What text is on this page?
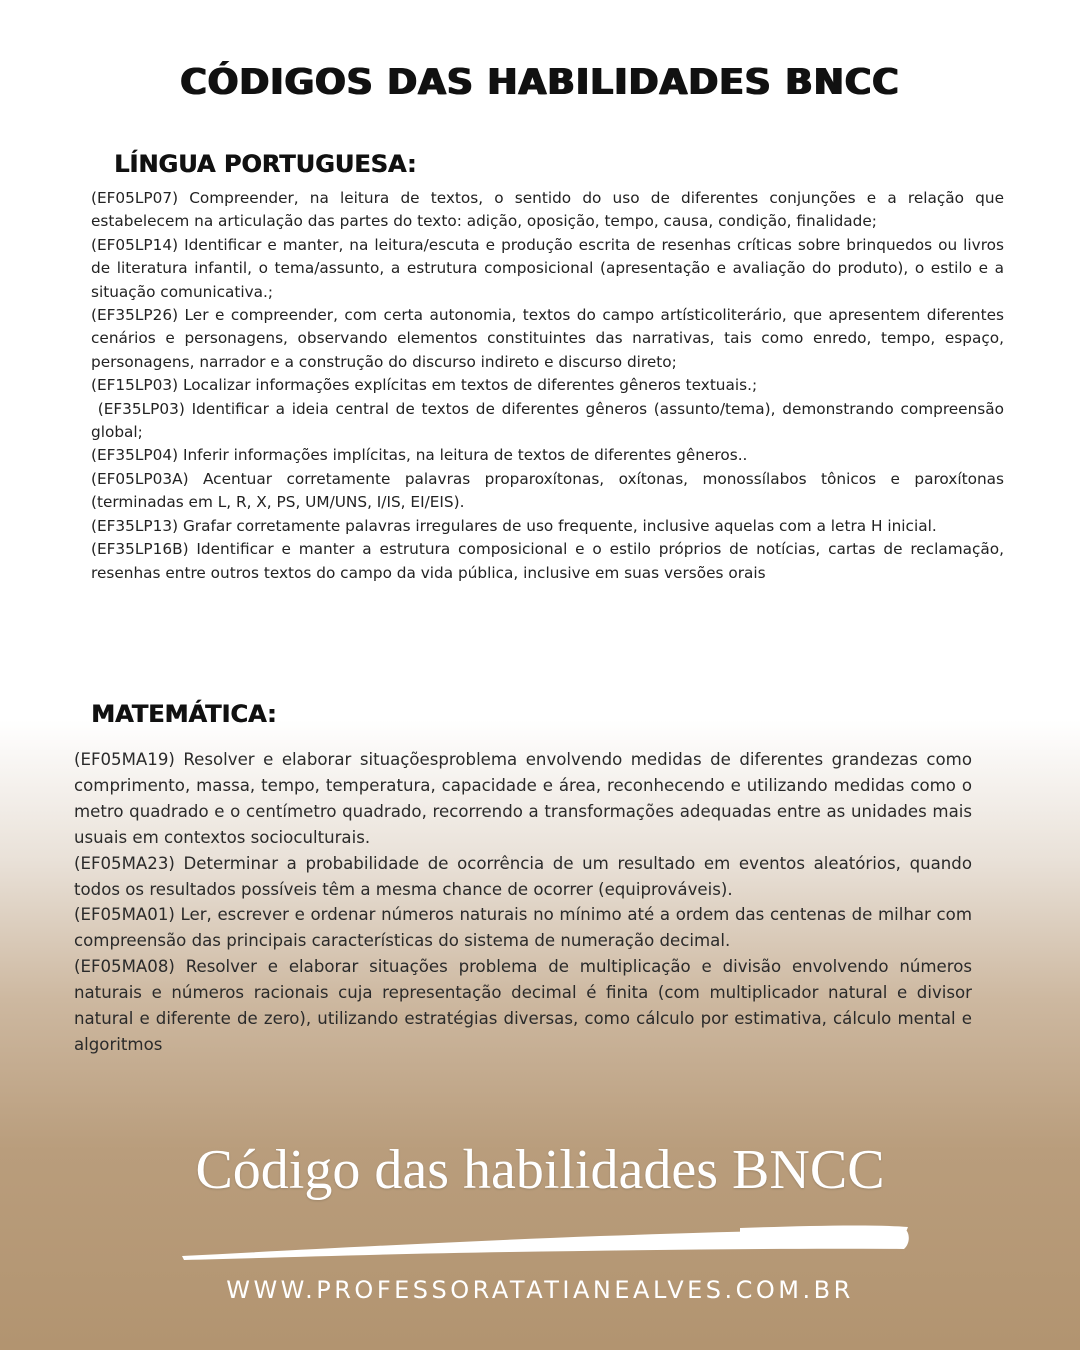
CÓDIGOS DAS HABILIDADES BNCC
LÍNGUA PORTUGUESA:

(EF05LP07) Compreender, na leitura de textos, o sentido do uso de diferentes conjunções e a relação que estabelecem na articulação das partes do texto: adição, oposição, tempo, causa, condição, finalidade;

(EF05LP14) Identificar e manter, na leitura/escuta e produção escrita de resenhas críticas sobre brinquedos ou livros de literatura infantil, o tema/assunto, a estrutura composicional (apresentação e avaliação do produto), o estilo e a situação comunicativa.;

(EF35LP26) Ler e compreender, com certa autonomia, textos do campo artísticoliterário, que apresentem diferentes cenários e personagens, observando elementos constituintes das narrativas, tais como enredo, tempo, espaço, personagens, narrador e a construção do discurso indireto e discurso direto;

(EF15LP03) Localizar informações explícitas em textos de diferentes gêneros textuais.;

(EF35LP03) Identificar a ideia central de textos de diferentes gêneros (assunto/tema), demonstrando compreensão global;

(EF35LP04) Inferir informações implícitas, na leitura de textos de diferentes gêneros..

(EF05LP03A) Acentuar corretamente palavras proparoxítonas, oxítonas, monossílabos tônicos e paroxítonas (terminadas em L, R, X, PS, UM/UNS, I/IS, EI/EIS).

(EF35LP13) Grafar corretamente palavras irregulares de uso frequente, inclusive aquelas com a letra H inicial.

(EF35LP16B) Identificar e manter a estrutura composicional e o estilo próprios de notícias, cartas de reclamação, resenhas entre outros textos do campo da vida pública, inclusive em suas versões orais

MATEMÁTICA:

(EF05MA19) Resolver e elaborar situaçõesproblema envolvendo medidas de diferentes grandezas como comprimento, massa, tempo, temperatura, capacidade e área, reconhecendo e utilizando medidas como o metro quadrado e o centímetro quadrado, recorrendo a transformações adequadas entre as unidades mais usuais em contextos socioculturais.

(EF05MA23) Determinar a probabilidade de ocorrência de um resultado em eventos aleatórios, quando todos os resultados possíveis têm a mesma chance de ocorrer (equiprováveis).

(EF05MA01) Ler, escrever e ordenar números naturais no mínimo até a ordem das centenas de milhar com compreensão das principais características do sistema de numeração decimal.

(EF05MA08) Resolver e elaborar situações problema de multiplicação e divisão envolvendo números naturais e números racionais cuja representação decimal é finita (com multiplicador natural e divisor natural e diferente de zero), utilizando estratégias diversas, como cálculo por estimativa, cálculo mental e algoritmos

Código das habilidades BNCC
WWW.PROFESSORATATIANEALVES.COM.BR
